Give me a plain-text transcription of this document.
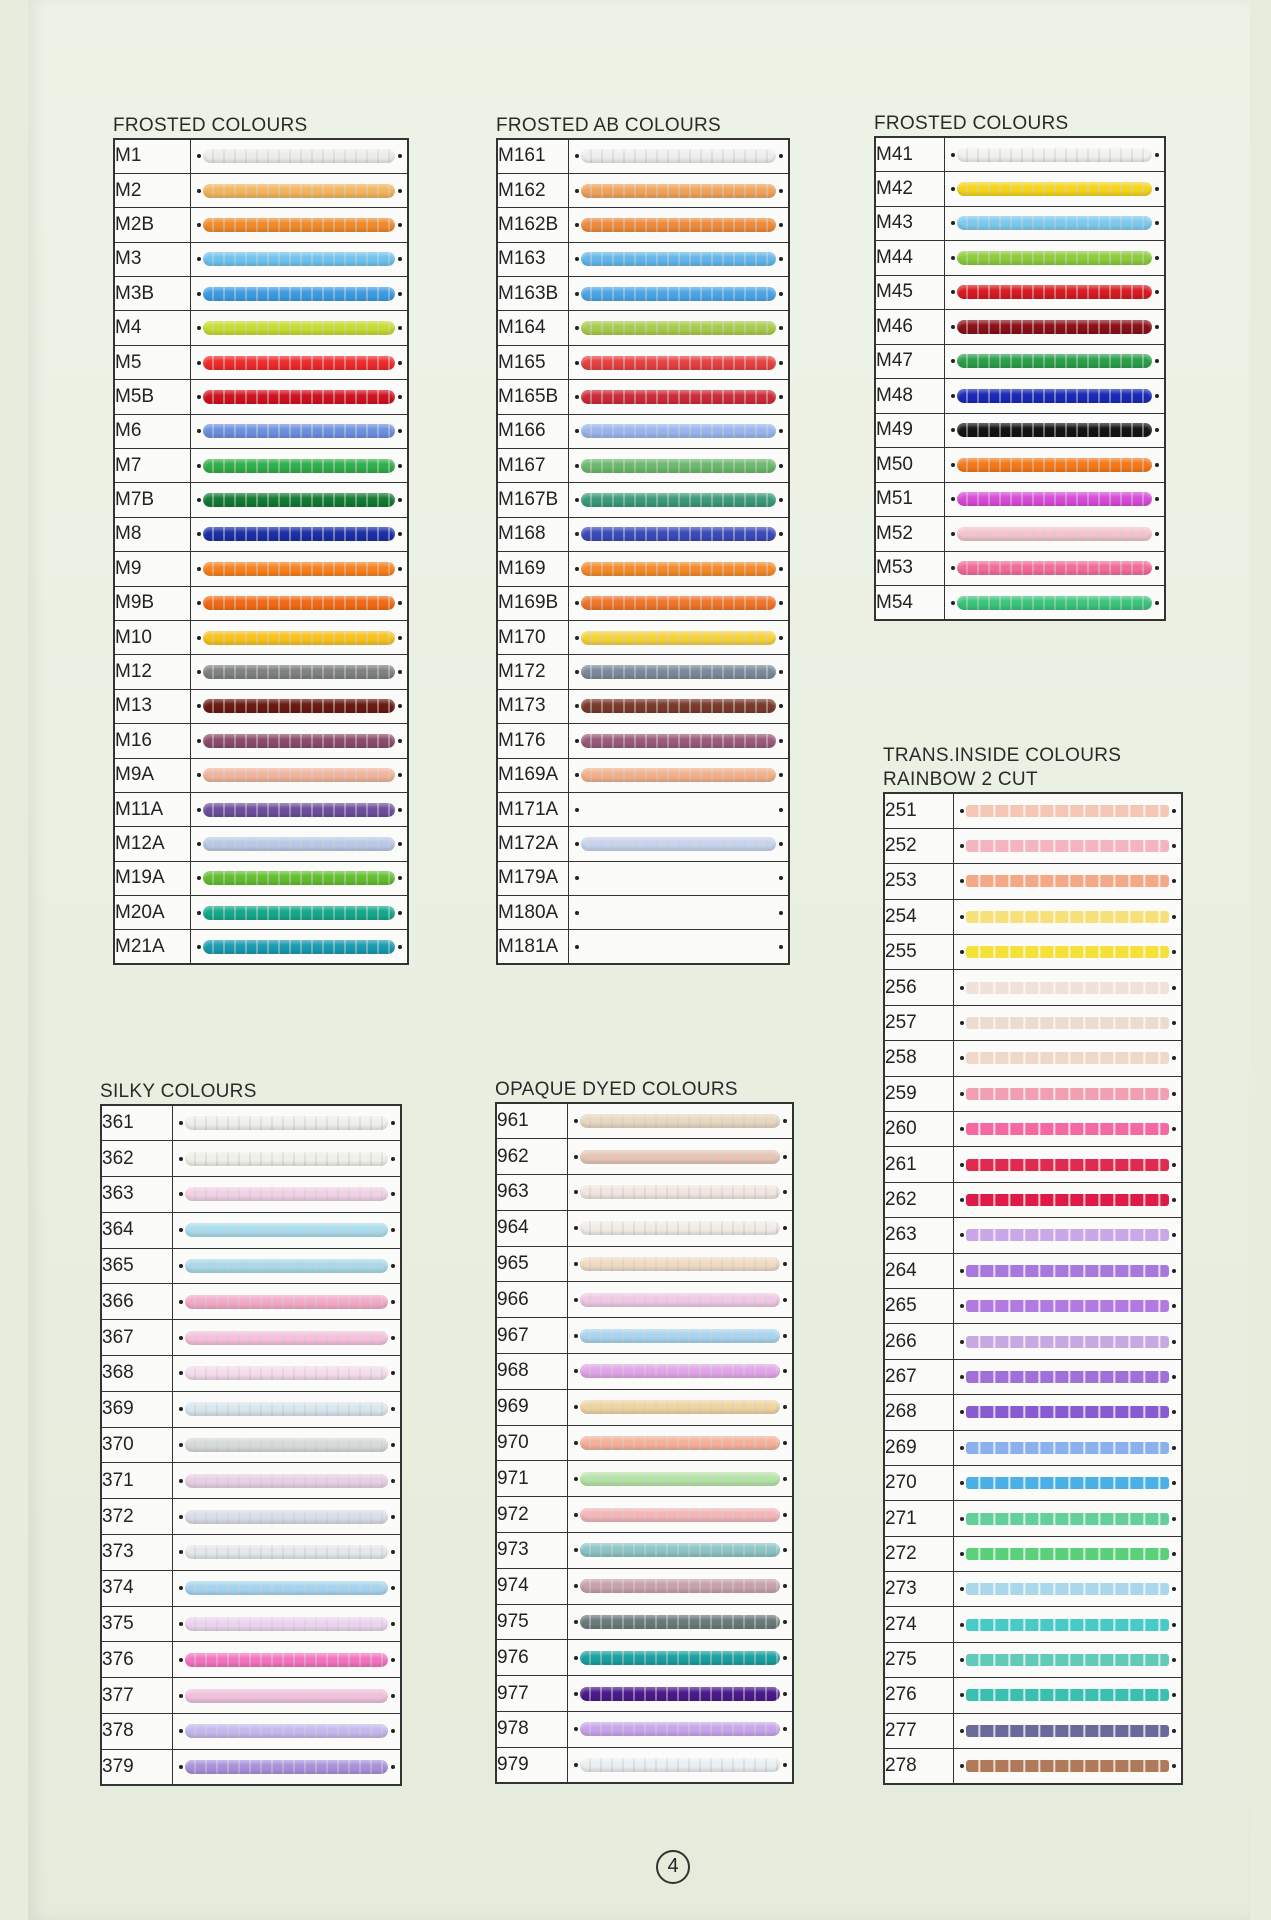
FROSTED COLOURS
M1	

M2	

M2B	

M3	

M3B	

M4	

M5	

M5B	

M6	

M7	

M7B	

M8	

M9	

M9B	

M10	

M12	

M13	

M16	

M9A	

M11A	

M12A	

M19A	

M20A	

M21A	
FROSTED AB COLOURS
M161	

M162	

M162B	

M163	

M163B	

M164	

M165	

M165B	

M166	

M167	

M167B	

M168	

M169	

M169B	

M170	

M172	

M173	

M176	

M169A	

M171A	

M172A	

M179A	

M180A	

M181A	
FROSTED COLOURS
M41	

M42	

M43	

M44	

M45	

M46	

M47	

M48	

M49	

M50	

M51	

M52	

M53	

M54	
TRANS.INSIDE COLOURS
RAINBOW 2 CUT
251	

252	

253	

254	

255	

256	

257	

258	

259	

260	

261	

262	

263	

264	

265	

266	

267	

268	

269	

270	

271	

272	

273	

274	

275	

276	

277	

278	
SILKY COLOURS
361	

362	

363	

364	

365	

366	

367	

368	

369	

370	

371	

372	

373	

374	

375	

376	

377	

378	

379	
OPAQUE DYED COLOURS
961	

962	

963	

964	

965	

966	

967	

968	

969	

970	

971	

972	

973	

974	

975	

976	

977	

978	

979	
4
